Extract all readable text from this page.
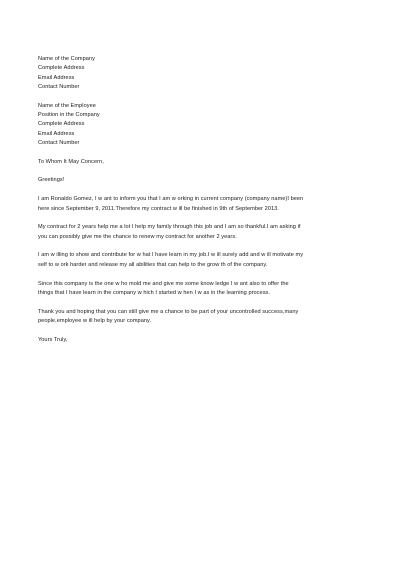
Name of the Company
Complete Address
Email Address
Contact Number
Name of the Employee
Position in the Company
Complete Address
Email Address
Contact Number
To Whom It May Concern,
Greetings!
I am Ronaldo Gomez, I w ant to inform you that I am w orking in current company (company name)I been
here since September 9, 2011.Therefore my contract w ill be finished in 9th of September 2013.
My contract for 2 years help me a lot I help my family through this job and I am so thankful.I am asking if
you can possibly give me the chance to renew my contract for another 2 years.
I am w illing to show and contribute for w hat I have learn in my job.I w ill surely add and w ill motivate my
self to w ork harder and release my all abilities that can help to the grow th of the company.
Since this company is the one w ho mold me and give me some know ledge I w ant also to offer the
things that I have learn in the company w hich I started w hen I w as in the learning process.
Thank you and hoping that you can still give me a chance to be part of your uncontrolled success,many
people,employee w ill help by your company.
Yours Truly,
